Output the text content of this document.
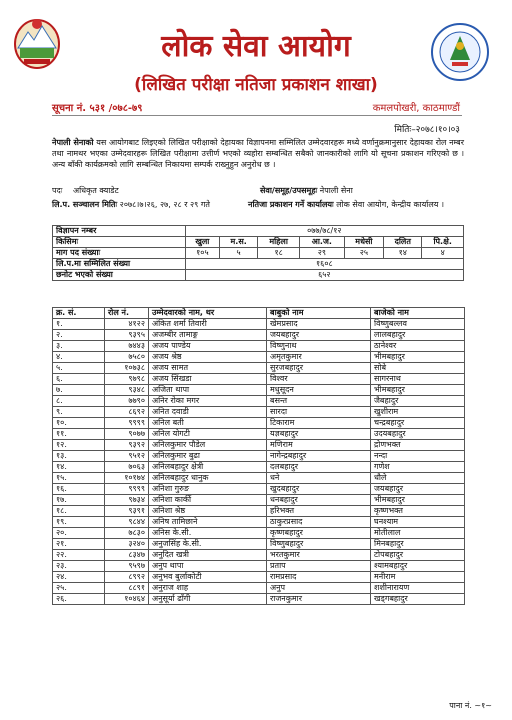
लोक सेवा आयोग
(लिखित परीक्षा नतिजा प्रकाशन शाखा)
सूचना नं. ५३१ /०७८-७९	कमलपोखरी, काठमाण्डौं
मितिः–२०७८।१०।०३
नेपाली सेनाको यस आयोगबाट लिइएको लिखित परीक्षाको देहायका विज्ञापनमा सम्मिलित उम्मेदवारहरू मध्ये वर्णानुक्रमानुसार देहायका रोल नम्बर तथा नामथर भएका उम्मेदवारहरू लिखित परीक्षामा उत्तीर्ण भएको व्यहोरा सम्बन्धित सबैको जानकारीको लागि यो सूचना प्रकाशन गरिएको छ । अन्य बाँकी कार्यक्रमको लागि सम्बन्धित निकायमा सम्पर्क राख्नुहुन अनुरोध छ ।
पदः अधिकृत क्याडेट	सेवा/समूह/उपसमूहः नेपाली सेना
लि.प. सञ्चालन मितिः २०७८।७।२६, २७, २८ र २९ गते	नतिजा प्रकाशन गर्ने कार्यालयः लोक सेवा आयोग, केन्द्रीय कार्यालय ।
विज्ञापन नम्बर	०७७/७८/१२						
किसिमः	खुला	म.स.	महिला	आ.ज.	मधेसी	दलित	पि.क्षे.
माग पद संख्याः	१०५	५	१८	२९	२५	१४	४
लि.प.मा सम्मिलित संख्या	१६०८						
छनोट भएको संख्या	६५२						
क्र. सं.	रोल नं.	उम्मेदवारको नाम, थर	बाबुको नाम	बाजेको नाम
१.	४१२२	अंकित शर्मा तिवारी	खेमप्रसाद	विष्णुबल्लव
२.	९३९५	अजम्बीर तामाङ्ग	जयबहादुर	लालबहादुर
३.	७४४३	अजय पाण्डेय	विष्णुनाथ	ठानेश्वर
४.	७५८०	अजय श्रेष्ठ	अमृतकुमार	भीमबहादुर
५.	१०७३८	अजय सामत	सुरजबहादुर	सोबे
६.	९७९८	अजय सिंखडा	विश्वर	सागरनाथ
७.	९३४८	अजिता थापा	मधुसूदन	भीमबहादुर
८.	७७९०	अनिर रोका मगर	बसन्त	जैबहादुर
९.	८६९२	अनित दवाडी	सारदा	खुशीराम
१०.	९९९९	अनिल बती	टिकाराम	चन्द्रबहादुर
११.	९०७७	अनिल योगटी	यज्ञबहादुर	उदयबहादुर
१२.	९३९२	अनिलकुमार पौडेल	मणिराम	द्रोणभक्त
१३.	९५१२	अनिलकुमार बुढा	नागेन्द्रबहादुर	नन्दा
१४.	७०६३	अनिलबहादुर क्षेत्री	दलबहादुर	गणेश
१५.	१०१७४	अनिलबहादुर धानुक	धने	धौले
१६.	९९९९	अनिशा गुरुङ	खुदबहादुर	जयबहादुर
१७.	९७३४	अनिशा कार्की	धनबहादुर	भीमबहादुर
१८.	९३९१	अनिशा श्रेष्ठ	हरिभक्त	कृष्णभक्त
१९.	९८४४	अनिष तामिछाने	ठाकुरप्रसाद	घनश्याम
२०.	७८३०	अनिस के.सी.	कृष्णबहादुर	मोतीलाल
२१.	३२४०	अनुजसिंह के.सी.	विष्णुबहादुर	मिनबहादुर
२२.	८३४७	अनुदित खत्री	भरतकुमार	टोपबहादुर
२३.	९५९७	अनुप थापा	प्रताप	श्यामबहादुर
२४.	८९९२	अनुभव बुर्लाकोटी	रामप्रसाद	मनीराम
२५.	८८९१	अनुराज शाह	अनुप	शशीनारायण
२६.	१०४६४	अनुसूर्या ढाँगी	राजनकुमार	खड्गबहादुर
पाना नं. ~१~
